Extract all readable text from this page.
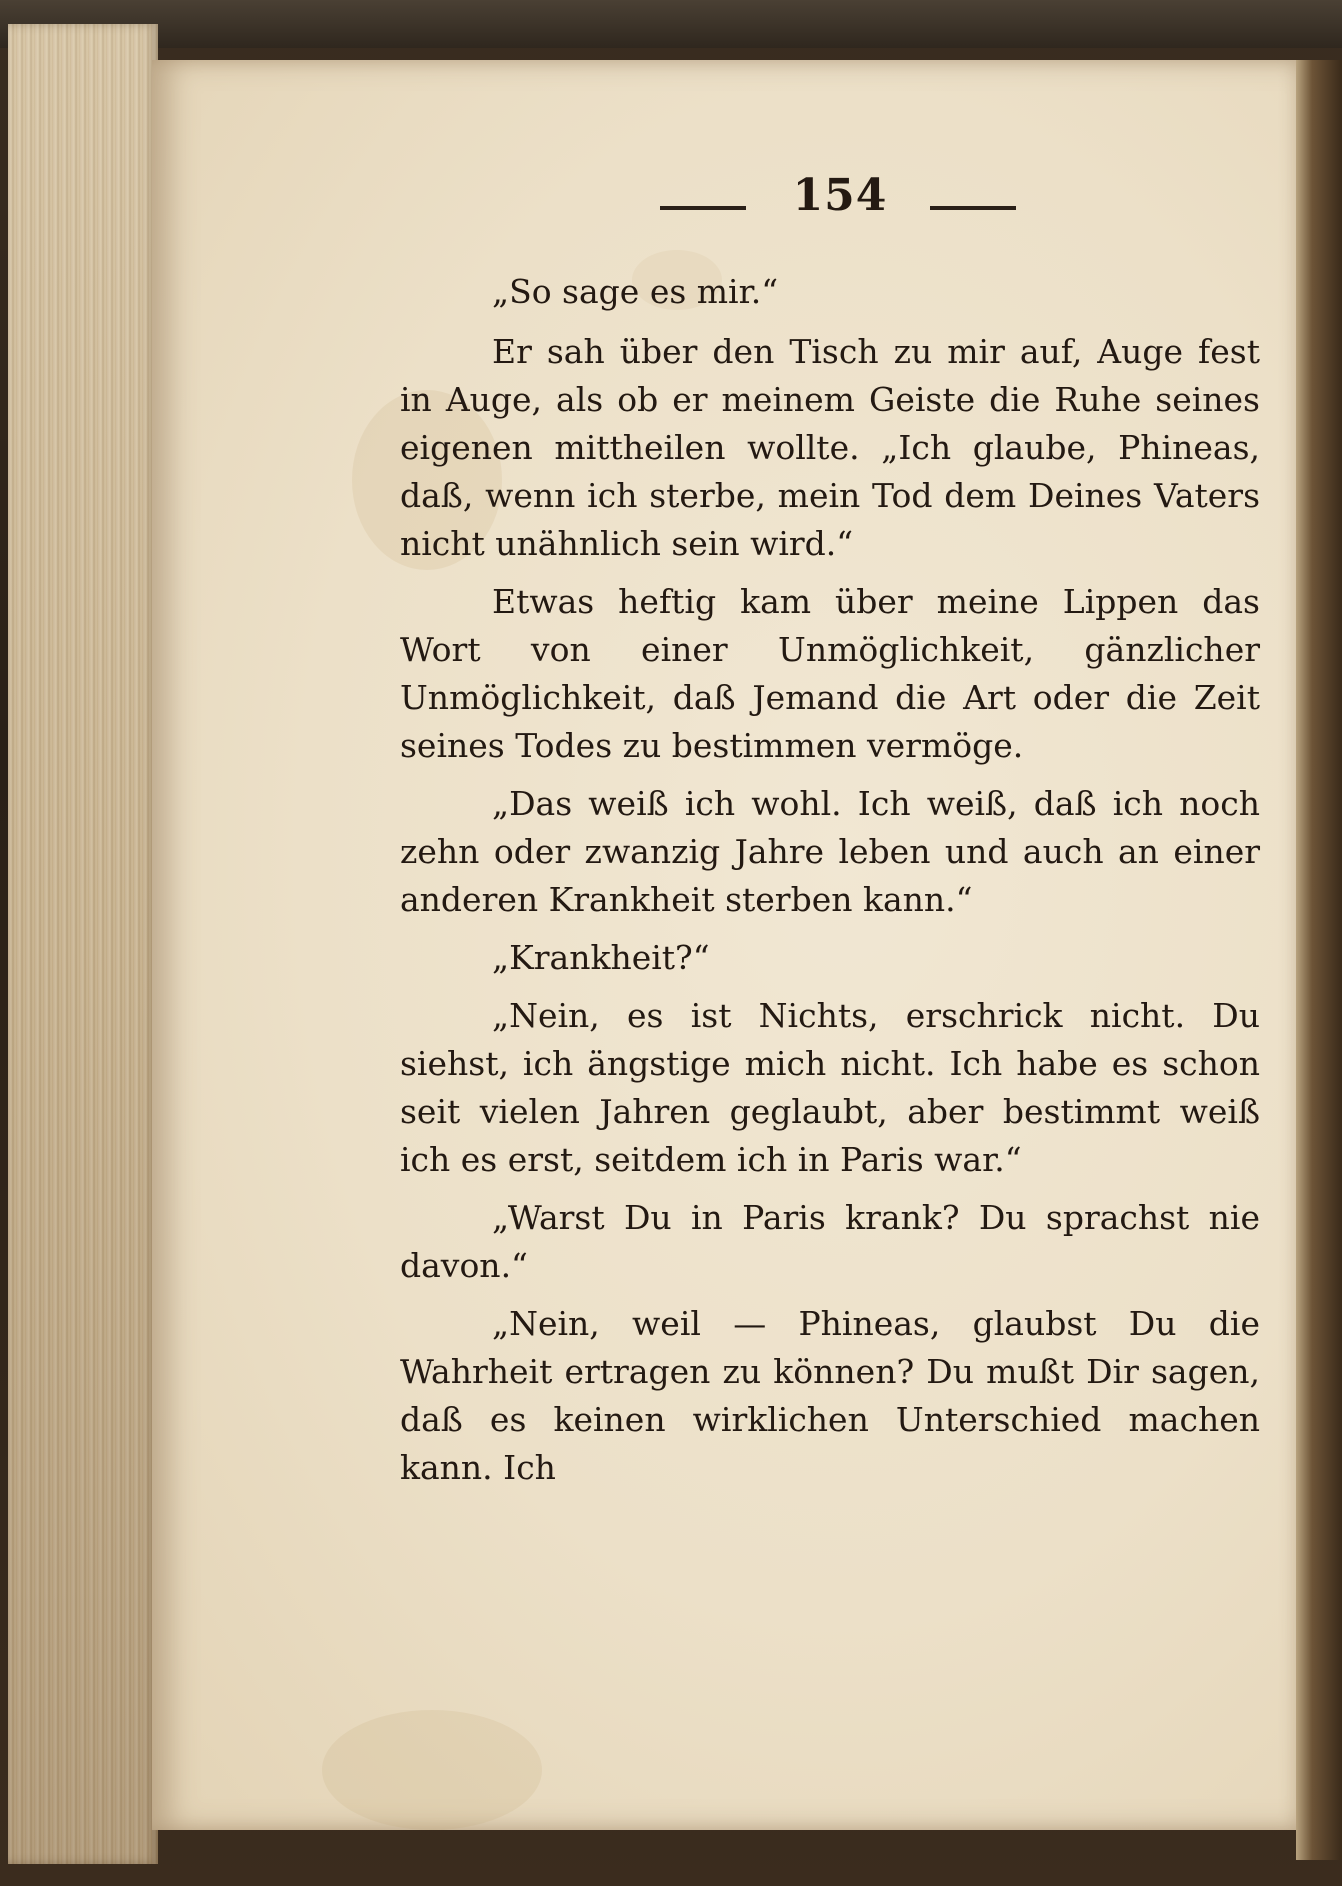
154

„So sage es mir.“

Er sah über den Tisch zu mir auf, Auge fest in Auge, als ob er meinem Geiste die Ruhe seines eigenen mittheilen wollte. „Ich glaube, Phineas, daß, wenn ich sterbe, mein Tod dem Deines Vaters nicht unähnlich sein wird.“

Etwas heftig kam über meine Lippen das Wort von einer Unmöglichkeit, gänzlicher Unmöglichkeit, daß Jemand die Art oder die Zeit seines Todes zu bestimmen vermöge.

„Das weiß ich wohl. Ich weiß, daß ich noch zehn oder zwanzig Jahre leben und auch an einer anderen Krankheit sterben kann.“

„Krankheit?“

„Nein, es ist Nichts, erschrick nicht. Du siehst, ich ängstige mich nicht. Ich habe es schon seit vielen Jahren geglaubt, aber bestimmt weiß ich es erst, seitdem ich in Paris war.“

„Warst Du in Paris krank? Du sprachst nie davon.“

„Nein, weil — Phineas, glaubst Du die Wahrheit ertragen zu können? Du mußt Dir sagen, daß es keinen wirklichen Unterschied machen kann. Ich
